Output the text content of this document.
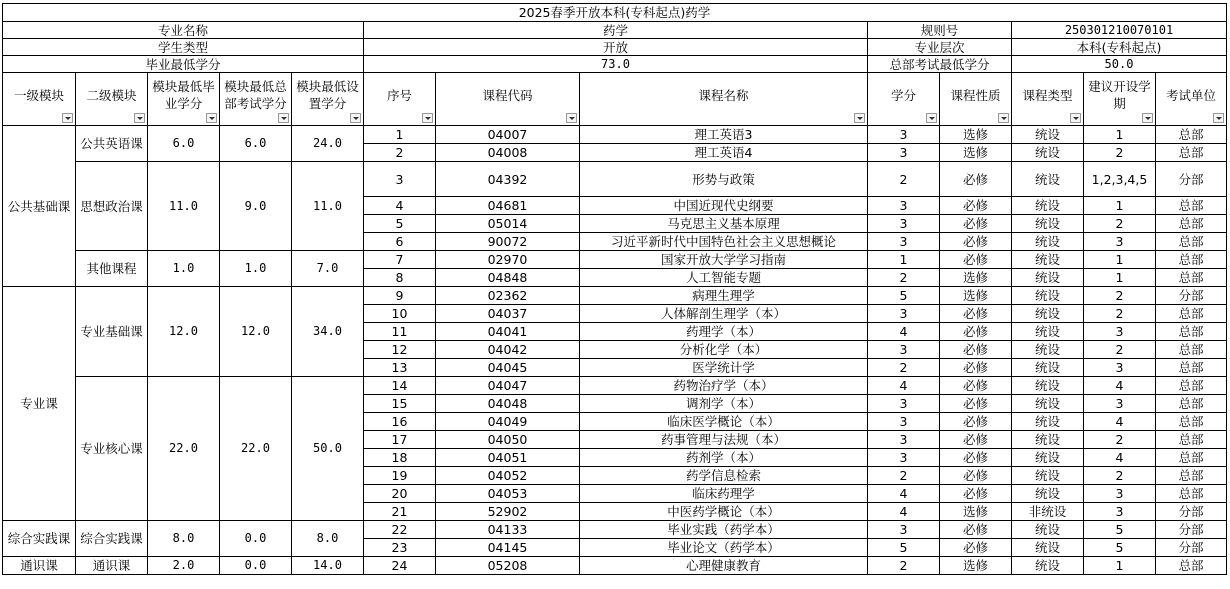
2025春季开放本科(专科起点)药学												
专业名称					药学			规则号		250301210070101		
学生类型					开放			专业层次		本科(专科起点)		
毕业最低学分					73.0			总部考试最低学分		50.0		
一级模块	二级模块	模块最低毕业学分	模块最低总部考试学分	模块最低设置学分	序号	课程代码	课程名称	学分	课程性质	课程类型	建议开设学期	考试单位

公共基础课	公共英语课	6.0	6.0	24.0	1	04007	理工英语3	3	选修	统设	1	总部
					2	04008	理工英语4	3	选修	统设	2	总部
	思想政治课	11.0	9.0	11.0	3	04392	形势与政策	2	必修	统设	1,2,3,4,5	分部
					4	04681	中国近现代史纲要	3	必修	统设	1	总部
					5	05014	马克思主义基本原理	3	必修	统设	2	总部
					6	90072	习近平新时代中国特色社会主义思想概论	3	必修	统设	3	总部
	其他课程	1.0	1.0	7.0	7	02970	国家开放大学学习指南	1	必修	统设	1	总部
					8	04848	人工智能专题	2	选修	统设	1	总部
专业课	专业基础课	12.0	12.0	34.0	9	02362	病理生理学	5	选修	统设	2	分部
					10	04037	人体解剖生理学（本）	3	必修	统设	2	总部
					11	04041	药理学（本）	4	必修	统设	3	总部
					12	04042	分析化学（本）	3	必修	统设	2	总部
					13	04045	医学统计学	2	必修	统设	3	总部
	专业核心课	22.0	22.0	50.0	14	04047	药物治疗学（本）	4	必修	统设	4	总部
					15	04048	调剂学（本）	3	必修	统设	3	总部
					16	04049	临床医学概论（本）	3	必修	统设	4	总部
					17	04050	药事管理与法规（本）	3	必修	统设	2	总部
					18	04051	药剂学（本）	3	必修	统设	4	总部
					19	04052	药学信息检索	2	必修	统设	2	总部
					20	04053	临床药理学	4	必修	统设	3	总部
					21	52902	中医药学概论（本）	4	选修	非统设	3	分部
综合实践课	综合实践课	8.0	0.0	8.0	22	04133	毕业实践（药学本）	3	必修	统设	5	分部
					23	04145	毕业论文（药学本）	5	必修	统设	5	分部
通识课	通识课	2.0	0.0	14.0	24	05208	心理健康教育	2	选修	统设	1	总部
